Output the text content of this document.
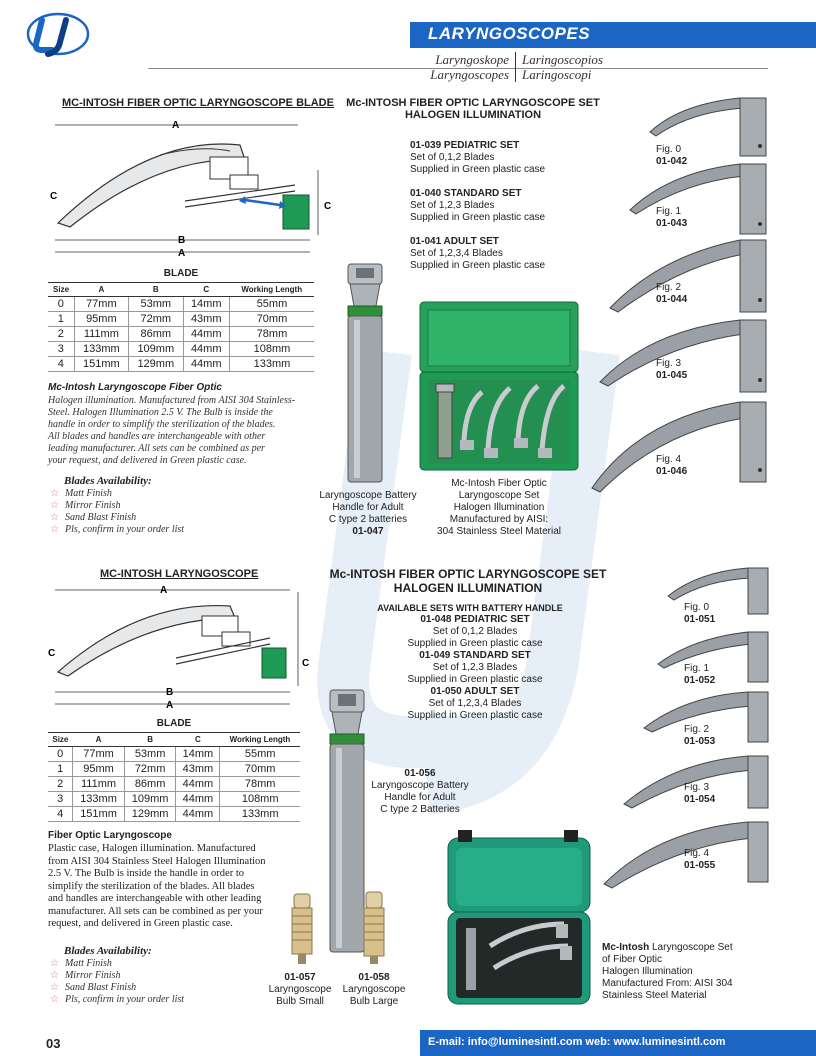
LARYNGOSCOPES
Laryngoskope	Laringoscopios
Laryngoscopes	Laringoscopi
MC-INTOSH FIBER OPTIC LARYNGOSCOPE BLADE
A
C
C
B
A
BLADE
Size	A	B	C	Working Length
0	77mm	53mm	14mm	55mm
1	95mm	72mm	43mm	70mm
2	111mm	86mm	44mm	78mm
3	133mm	109mm	44mm	108mm
4	151mm	129mm	44mm	133mm
Mc-Intosh Laryngoscope Fiber Optic
Halogen illumination. Manufactured from AISI 304 Stainless-
Steel. Halogen Illumination 2.5 V. The Bulb is inside the
handle in order to simplify the sterilization of the blades.
All blades and handles are interchangeable with other
leading manufacturer. All sets can be combined as per
your request, and delivered in Green plastic case.
Blades Availability:
☆ Matt Finish
☆ Mirror Finish
☆ Sand Blast Finish
☆ Pls, confirm in your order list
Mc-INTOSH FIBER OPTIC LARYNGOSCOPE SET
HALOGEN ILLUMINATION
01-039 PEDIATRIC SET
Set of 0,1,2 Blades
Supplied in Green plastic case
01-040 STANDARD SET
Set of 1,2,3 Blades
Supplied in Green plastic case
01-041 ADULT SET
Set of 1,2,3,4 Blades
Supplied in Green plastic case
Laryngoscope Battery
Handle for Adult
C type 2 batteries
01-047
Mc-Intosh Fiber Optic
Laryngoscope Set
Halogen Illumination
Manufactured by AISI:
304 Stainless Steel Material
Fig. 0
01-042
Fig. 1
01-043
Fig. 2
01-044
Fig. 3
01-045
Fig. 4
01-046
MC-INTOSH LARYNGOSCOPE
A
C
C
B
A
BLADE
Size	A	B	C	Working Length
0	77mm	53mm	14mm	55mm
1	95mm	72mm	43mm	70mm
2	111mm	86mm	44mm	78mm
3	133mm	109mm	44mm	108mm
4	151mm	129mm	44mm	133mm
Fiber Optic Laryngoscope
Plastic case, Halogen illumination. Manufactured
from AISI 304 Stainless Steel Halogen Illumination
2.5 V. The Bulb is inside the handle in order to
simplify the sterilization of the blades. All blades
and handles are interchangeable with other leading
manufacturer. All sets can be combined as per your
request, and delivered in Green plastic case.
Blades Availability:
☆ Matt Finish
☆ Mirror Finish
☆ Sand Blast Finish
☆ Pls, confirm in your order list
Mc-INTOSH FIBER OPTIC LARYNGOSCOPE SET
HALOGEN ILLUMINATION
AVAILABLE SETS WITH BATTERY HANDLE
01-048 PEDIATRIC SET
Set of 0,1,2 Blades
Supplied in Green plastic case
01-049 STANDARD SET
Set of 1,2,3 Blades
Supplied in Green plastic case
01-050 ADULT SET
Set of 1,2,3,4 Blades
Supplied in Green plastic case
01-056
Laryngoscope Battery
Handle for Adult
C type 2 Batteries
01-057
Laryngoscope
Bulb Small
01-058
Laryngoscope
Bulb Large
Mc-Intosh Laryngoscope Set
of Fiber Optic
Halogen Illumination
Manufactured From: AISI 304
Stainless Steel Material
Fig. 0
01-051
Fig. 1
01-052
Fig. 2
01-053
Fig. 3
01-054
Fig. 4
01-055
03	E-mail: info@luminesintl.com web: www.luminesintl.com
